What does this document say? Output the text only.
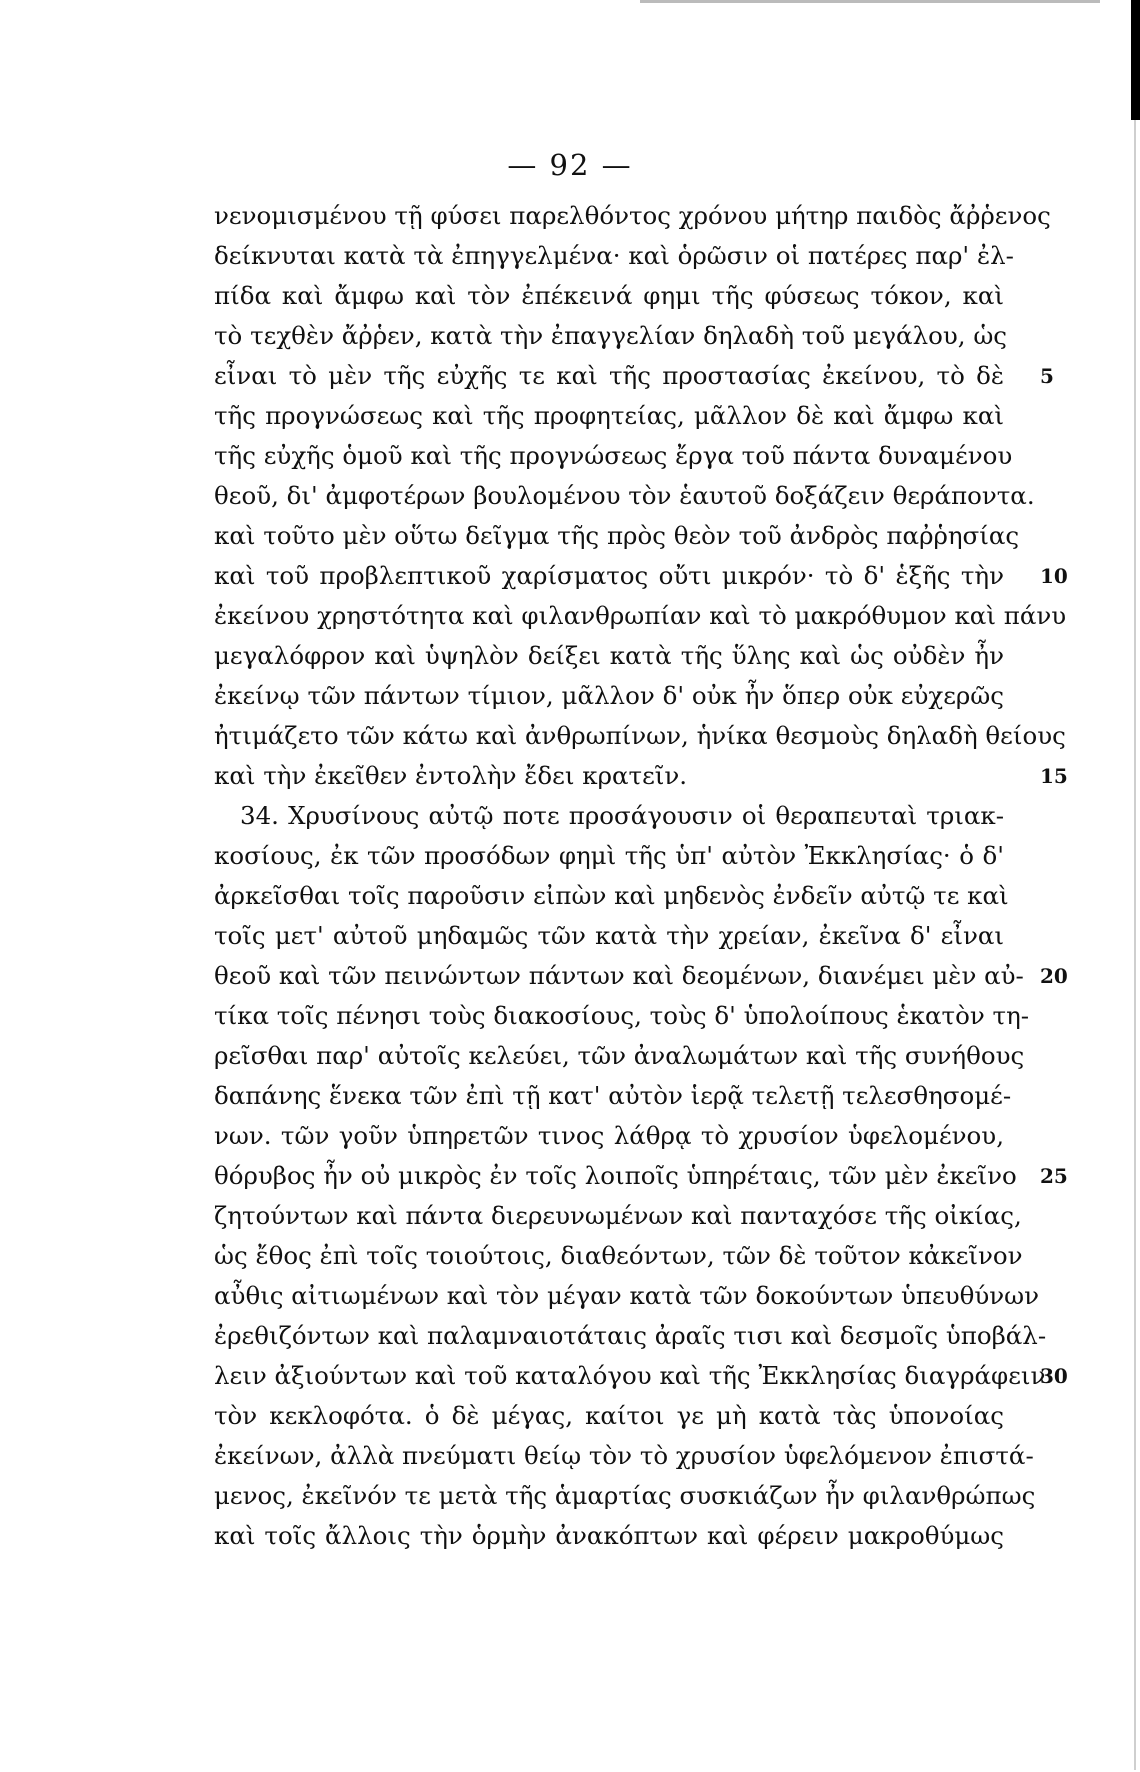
— 92 —
νενομισμένου τῇ φύσει παρελθόντος χρόνου μήτηρ παιδὸς ἄῤῥενος
δείκνυται κατὰ τὰ ἐπηγγελμένα· καὶ ὁρῶσιν οἱ πατέρες παρ' ἐλ-
πίδα καὶ ἄμφω καὶ τὸν ἐπέκεινά φημι τῆς φύσεως τόκον, καὶ
τὸ τεχθὲν ἄῤῥεν, κατὰ τὴν ἐπαγγελίαν δηλαδὴ τοῦ μεγάλου, ὡς
εἶναι τὸ μὲν τῆς εὐχῆς τε καὶ τῆς προστασίας ἐκείνου, τὸ δὲ 5
τῆς προγνώσεως καὶ τῆς προφητείας, μᾶλλον δὲ καὶ ἄμφω καὶ
τῆς εὐχῆς ὁμοῦ καὶ τῆς προγνώσεως ἔργα τοῦ πάντα δυναμένου
θεοῦ, δι' ἀμφοτέρων βουλομένου τὸν ἑαυτοῦ δοξάζειν θεράποντα.
καὶ τοῦτο μὲν οὕτω δεῖγμα τῆς πρὸς θεὸν τοῦ ἀνδρὸς παῤῥησίας
καὶ τοῦ προβλεπτικοῦ χαρίσματος οὔτι μικρόν· τὸ δ' ἑξῆς τὴν 10
ἐκείνου χρηστότητα καὶ φιλανθρωπίαν καὶ τὸ μακρόθυμον καὶ πάνυ
μεγαλόφρον καὶ ὑψηλὸν δείξει κατὰ τῆς ὕλης καὶ ὡς οὐδὲν ἦν
ἐκείνῳ τῶν πάντων τίμιον, μᾶλλον δ' οὐκ ἦν ὅπερ οὐκ εὐχερῶς
ἠτιμάζετο τῶν κάτω καὶ ἀνθρωπίνων, ἡνίκα θεσμοὺς δηλαδὴ θείους
καὶ τὴν ἐκεῖθεν ἐντολὴν ἔδει κρατεῖν.	15
34. Χρυσίνους αὐτῷ ποτε προσάγουσιν οἱ θεραπευταὶ τριακ-
κοσίους, ἐκ τῶν προσόδων φημὶ τῆς ὑπ' αὐτὸν Ἐκκλησίας· ὁ δ'
ἀρκεῖσθαι τοῖς παροῦσιν εἰπὼν καὶ μηδενὸς ἐνδεῖν αὐτῷ τε καὶ
τοῖς μετ' αὐτοῦ μηδαμῶς τῶν κατὰ τὴν χρείαν, ἐκεῖνα δ' εἶναι
θεοῦ καὶ τῶν πεινώντων πάντων καὶ δεομένων, διανέμει μὲν αὐ- 20
τίκα τοῖς πένησι τοὺς διακοσίους, τοὺς δ' ὑπολοίπους ἑκατὸν τη-
ρεῖσθαι παρ' αὐτοῖς κελεύει, τῶν ἀναλωμάτων καὶ τῆς συνήθους
δαπάνης ἕνεκα τῶν ἐπὶ τῇ κατ' αὐτὸν ἱερᾷ τελετῇ τελεσθησομέ-
νων. τῶν γοῦν ὑπηρετῶν τινος λάθρᾳ τὸ χρυσίον ὑφελομένου,
θόρυβος ἦν οὐ μικρὸς ἐν τοῖς λοιποῖς ὑπηρέταις, τῶν μὲν ἐκεῖνο 25
ζητούντων καὶ πάντα διερευνωμένων καὶ πανταχόσε τῆς οἰκίας,
ὡς ἔθος ἐπὶ τοῖς τοιούτοις, διαθεόντων, τῶν δὲ τοῦτον κἀκεῖνον
αὖθις αἰτιωμένων καὶ τὸν μέγαν κατὰ τῶν δοκούντων ὑπευθύνων
ἐρεθιζόντων καὶ παλαμναιοτάταις ἀραῖς τισι καὶ δεσμοῖς ὑποβάλ-
λειν ἀξιούντων καὶ τοῦ καταλόγου καὶ τῆς Ἐκκλησίας διαγράφειν
30
τὸν κεκλοφότα. ὁ δὲ μέγας, καίτοι γε μὴ κατὰ τὰς ὑπονοίας
ἐκείνων, ἀλλὰ πνεύματι θείῳ τὸν τὸ χρυσίον ὑφελόμενον ἐπιστά-
μενος, ἐκεῖνόν τε μετὰ τῆς ἁμαρτίας συσκιάζων ἦν φιλανθρώπως
καὶ τοῖς ἄλλοις τὴν ὁρμὴν ἀνακόπτων καὶ φέρειν μακροθύμως
